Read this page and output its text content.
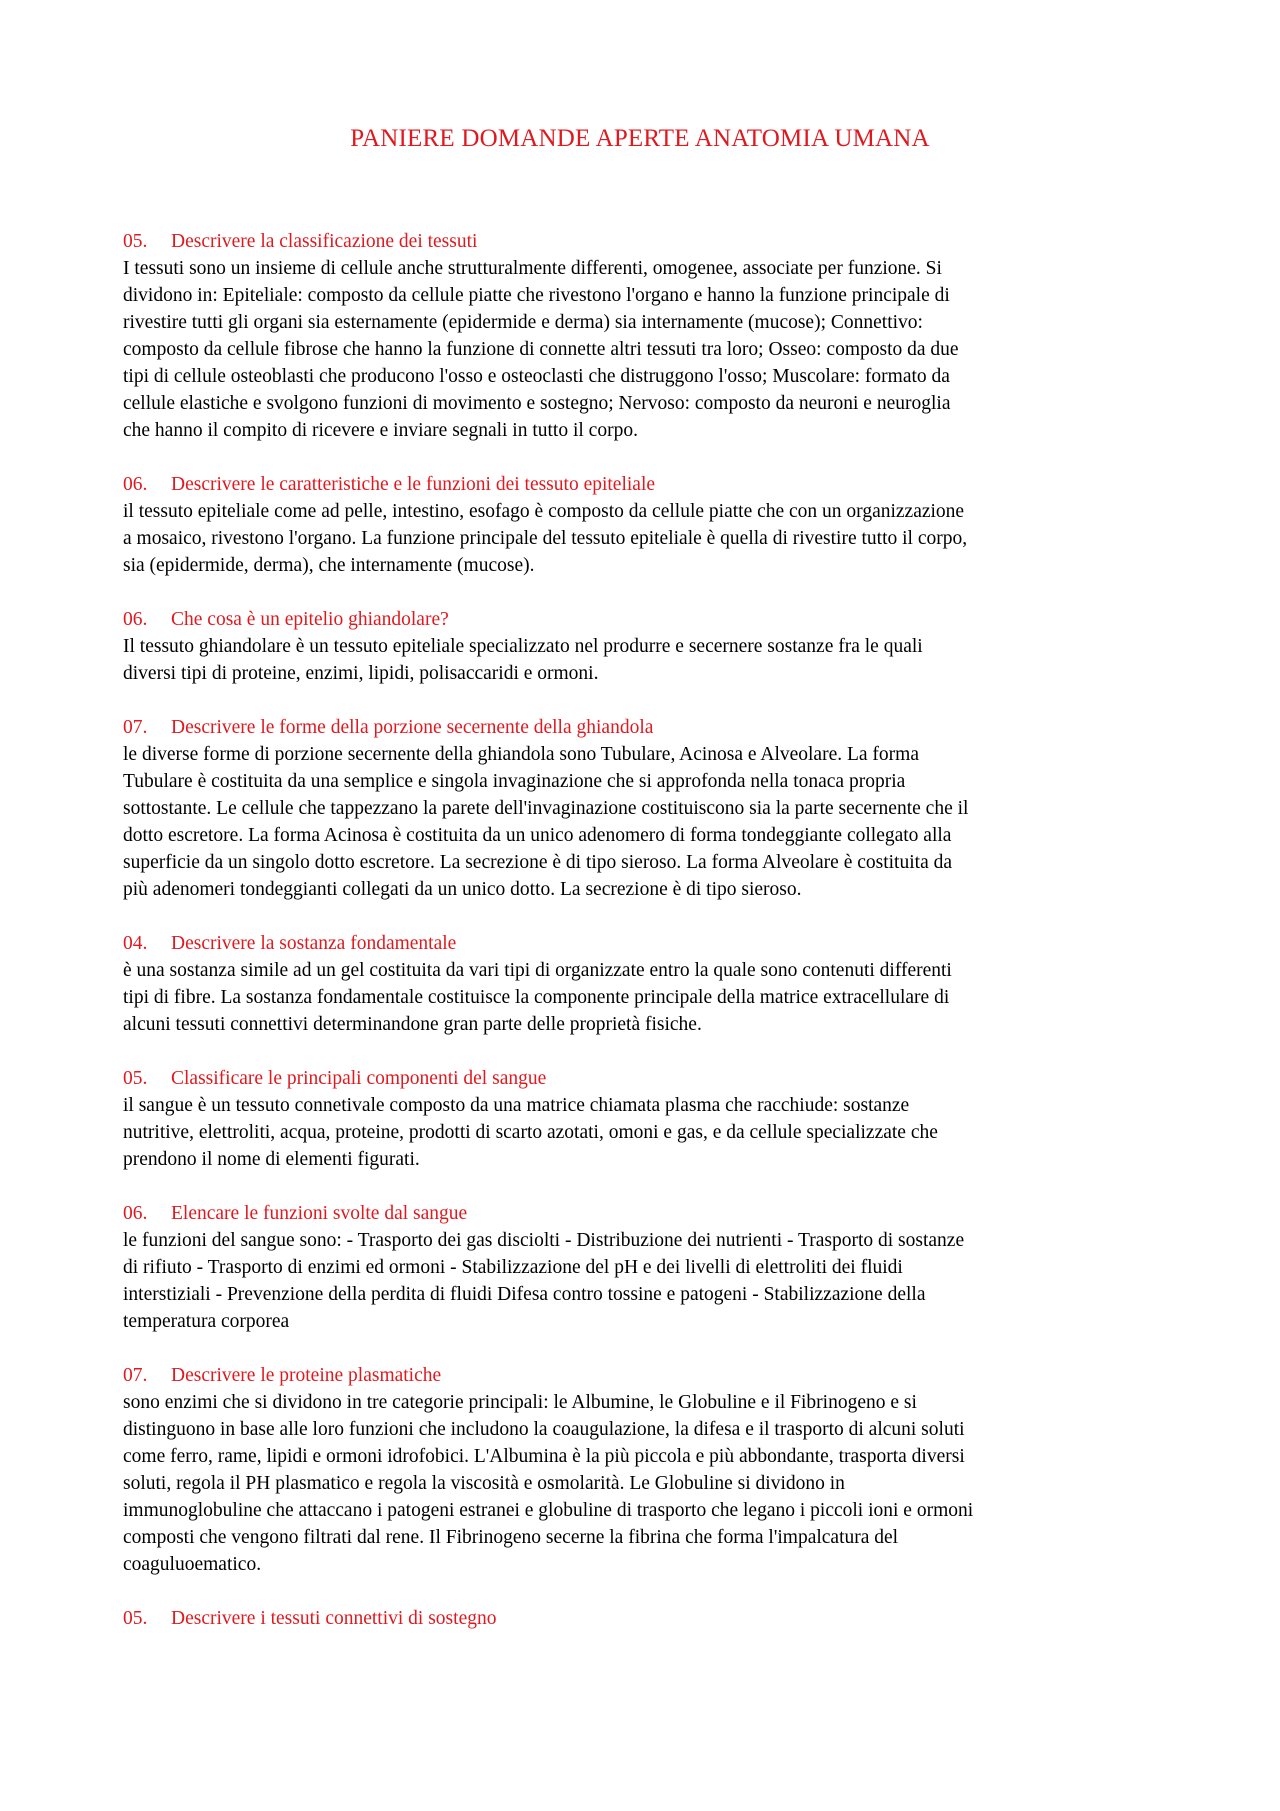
PANIERE DOMANDE APERTE ANATOMIA UMANA
05. Descrivere la classificazione dei tessuti

I tessuti sono un insieme di cellule anche strutturalmente differenti, omogenee, associate per funzione. Si
dividono in: Epiteliale: composto da cellule piatte che rivestono l'organo e hanno la funzione principale di
rivestire tutti gli organi sia esternamente (epidermide e derma) sia internamente (mucose); Connettivo:
composto da cellule fibrose che hanno la funzione di connette altri tessuti tra loro; Osseo: composto da due
tipi di cellule osteoblasti che producono l'osso e osteoclasti che distruggono l'osso; Muscolare: formato da
cellule elastiche e svolgono funzioni di movimento e sostegno; Nervoso: composto da neuroni e neuroglia
che hanno il compito di ricevere e inviare segnali in tutto il corpo.

06. Descrivere le caratteristiche e le funzioni dei tessuto epiteliale

il tessuto epiteliale come ad pelle, intestino, esofago è composto da cellule piatte che con un organizzazione
a mosaico, rivestono l'organo. La funzione principale del tessuto epiteliale è quella di rivestire tutto il corpo,
sia (epidermide, derma), che internamente (mucose).

06. Che cosa è un epitelio ghiandolare?

Il tessuto ghiandolare è un tessuto epiteliale specializzato nel produrre e secernere sostanze fra le quali
diversi tipi di proteine, enzimi, lipidi, polisaccaridi e ormoni.

07. Descrivere le forme della porzione secernente della ghiandola

le diverse forme di porzione secernente della ghiandola sono Tubulare, Acinosa e Alveolare. La forma
Tubulare è costituita da una semplice e singola invaginazione che si approfonda nella tonaca propria
sottostante. Le cellule che tappezzano la parete dell'invaginazione costituiscono sia la parte secernente che il
dotto escretore. La forma Acinosa è costituita da un unico adenomero di forma tondeggiante collegato alla
superficie da un singolo dotto escretore. La secrezione è di tipo sieroso. La forma Alveolare è costituita da
più adenomeri tondeggianti collegati da un unico dotto. La secrezione è di tipo sieroso.

04. Descrivere la sostanza fondamentale

è una sostanza simile ad un gel costituita da vari tipi di organizzate entro la quale sono contenuti differenti
tipi di fibre. La sostanza fondamentale costituisce la componente principale della matrice extracellulare di
alcuni tessuti connettivi determinandone gran parte delle proprietà fisiche.

05. Classificare le principali componenti del sangue

il sangue è un tessuto connetivale composto da una matrice chiamata plasma che racchiude: sostanze
nutritive, elettroliti, acqua, proteine, prodotti di scarto azotati, omoni e gas, e da cellule specializzate che
prendono il nome di elementi figurati.

06. Elencare le funzioni svolte dal sangue

le funzioni del sangue sono: - Trasporto dei gas disciolti - Distribuzione dei nutrienti - Trasporto di sostanze
di rifiuto - Trasporto di enzimi ed ormoni - Stabilizzazione del pH e dei livelli di elettroliti dei fluidi
interstiziali - Prevenzione della perdita di fluidi Difesa contro tossine e patogeni - Stabilizzazione della
temperatura corporea

07. Descrivere le proteine plasmatiche

sono enzimi che si dividono in tre categorie principali: le Albumine, le Globuline e il Fibrinogeno e si
distinguono in base alle loro funzioni che includono la coaugulazione, la difesa e il trasporto di alcuni soluti
come ferro, rame, lipidi e ormoni idrofobici. L'Albumina è la più piccola e più abbondante, trasporta diversi
soluti, regola il PH plasmatico e regola la viscosità e osmolarità. Le Globuline si dividono in
immunoglobuline che attaccano i patogeni estranei e globuline di trasporto che legano i piccoli ioni e ormoni
composti che vengono filtrati dal rene. Il Fibrinogeno secerne la fibrina che forma l'impalcatura del
coaguluoematico.

05. Descrivere i tessuti connettivi di sostegno
